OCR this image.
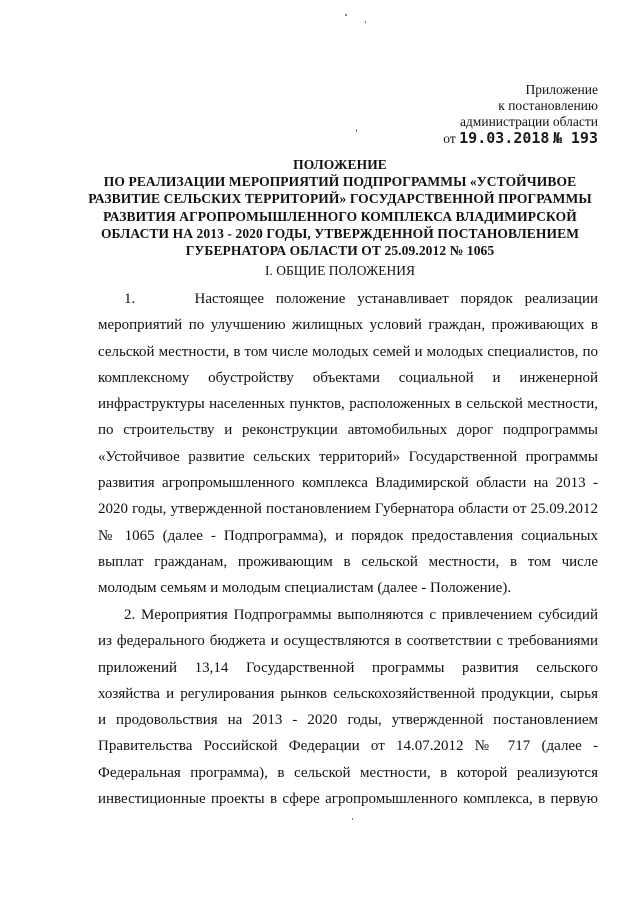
Приложение
к постановлению
администрации области
от 19.03.2018 № 193
ПОЛОЖЕНИЕ
ПО РЕАЛИЗАЦИИ МЕРОПРИЯТИЙ ПОДПРОГРАММЫ «УСТОЙЧИВОЕ
РАЗВИТИЕ СЕЛЬСКИХ ТЕРРИТОРИЙ» ГОСУДАРСТВЕННОЙ ПРОГРАММЫ
РАЗВИТИЯ АГРОПРОМЫШЛЕННОГО КОМПЛЕКСА ВЛАДИМИРСКОЙ
ОБЛАСТИ НА 2013 - 2020 ГОДЫ, УТВЕРЖДЕННОЙ ПОСТАНОВЛЕНИЕМ
ГУБЕРНАТОРА ОБЛАСТИ ОТ 25.09.2012 № 1065
I. ОБЩИЕ ПОЛОЖЕНИЯ
1.     Настоящее положение устанавливает порядок реализации
мероприятий по улучшению жилищных условий граждан, проживающих в
сельской местности, в том числе молодых семей и молодых специалистов, по
комплексному обустройству объектами социальной и инженерной
инфраструктуры населенных пунктов, расположенных в сельской местности,
по строительству и реконструкции автомобильных дорог подпрограммы
«Устойчивое развитие сельских территорий» Государственной программы
развития агропромышленного комплекса Владимирской области на 2013 -
2020 годы, утвержденной постановлением Губернатора области от 25.09.2012
№ 1065 (далее - Подпрограмма), и порядок предоставления социальных
выплат гражданам, проживающим в сельской местности, в том числе
молодым семьям и молодым специалистам (далее - Положение).
2. Мероприятия Подпрограммы выполняются с привлечением субсидий
из федерального бюджета и осуществляются в соответствии с требованиями
приложений 13,14 Государственной программы развития сельского
хозяйства и регулирования рынков сельскохозяйственной продукции, сырья
и продовольствия на 2013 - 2020 годы, утвержденной постановлением
Правительства Российской Федерации от 14.07.2012 № 717 (далее -
Федеральная программа), в сельской местности, в которой реализуются
инвестиционные проекты в сфере агропромышленного комплекса, в первую
